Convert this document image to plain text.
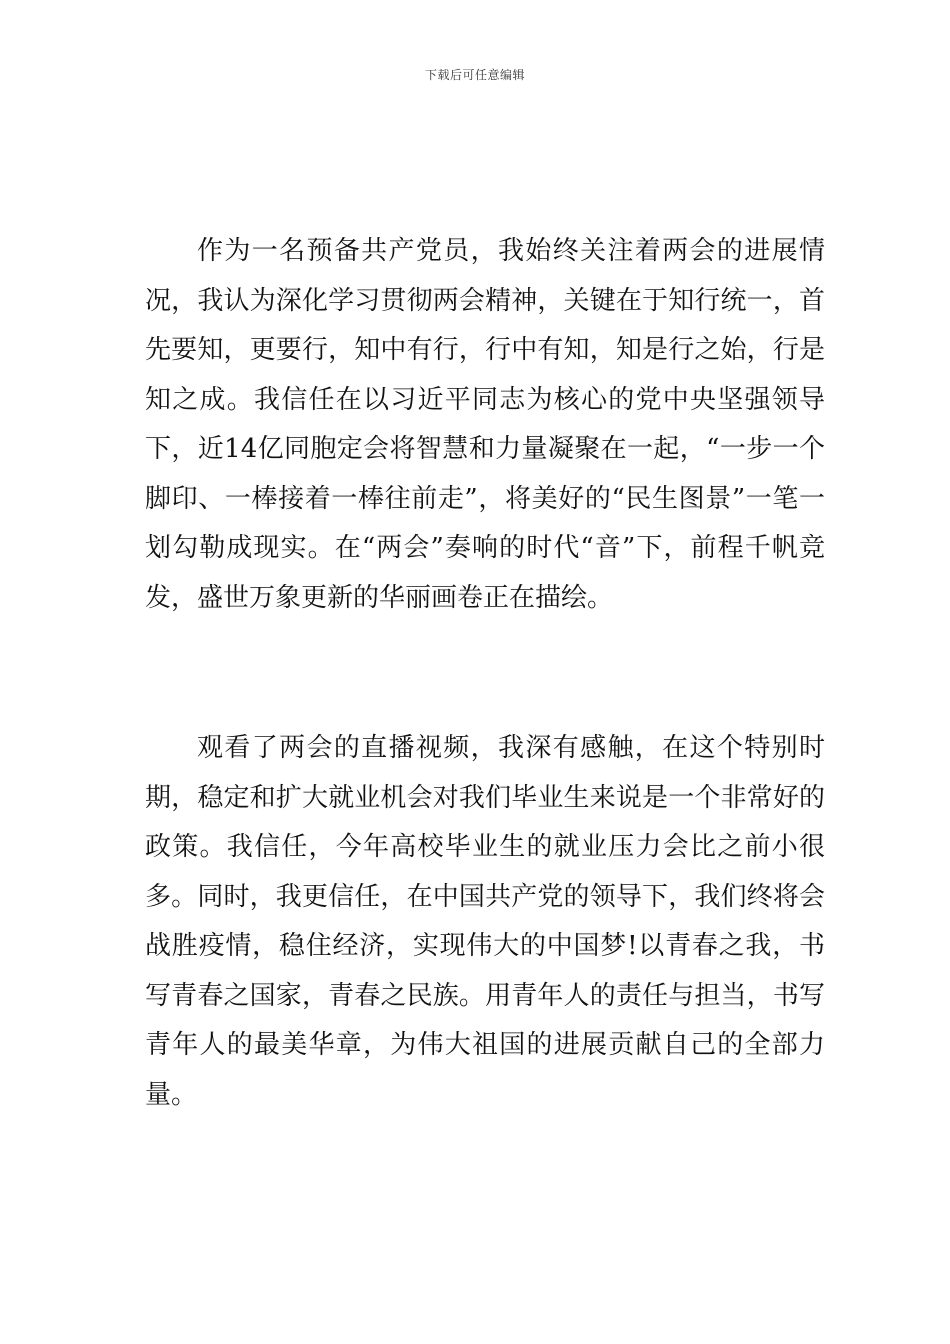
下载后可任意编辑

作为一名预备共产党员，我始终关注着两会的进展情况，我认为深化学习贯彻两会精神，关键在于知行统一，首先要知，更要行，知中有行，行中有知，知是行之始，行是知之成。我信任在以习近平同志为核心的党中央坚强领导下，近14亿同胞定会将智慧和力量凝聚在一起，“一步一个脚印、一棒接着一棒往前走”，将美好的“民生图景”一笔一划勾勒成现实。在“两会”奏响的时代“音”下，前程千帆竞发，盛世万象更新的华丽画卷正在描绘。

观看了两会的直播视频，我深有感触，在这个特别时期，稳定和扩大就业机会对我们毕业生来说是一个非常好的政策。我信任，今年高校毕业生的就业压力会比之前小很多。同时，我更信任，在中国共产党的领导下，我们终将会战胜疫情，稳住经济，实现伟大的中国梦!以青春之我，书写青春之国家，青春之民族。用青年人的责任与担当，书写青年人的最美华章，为伟大祖国的进展贡献自己的全部力量。
